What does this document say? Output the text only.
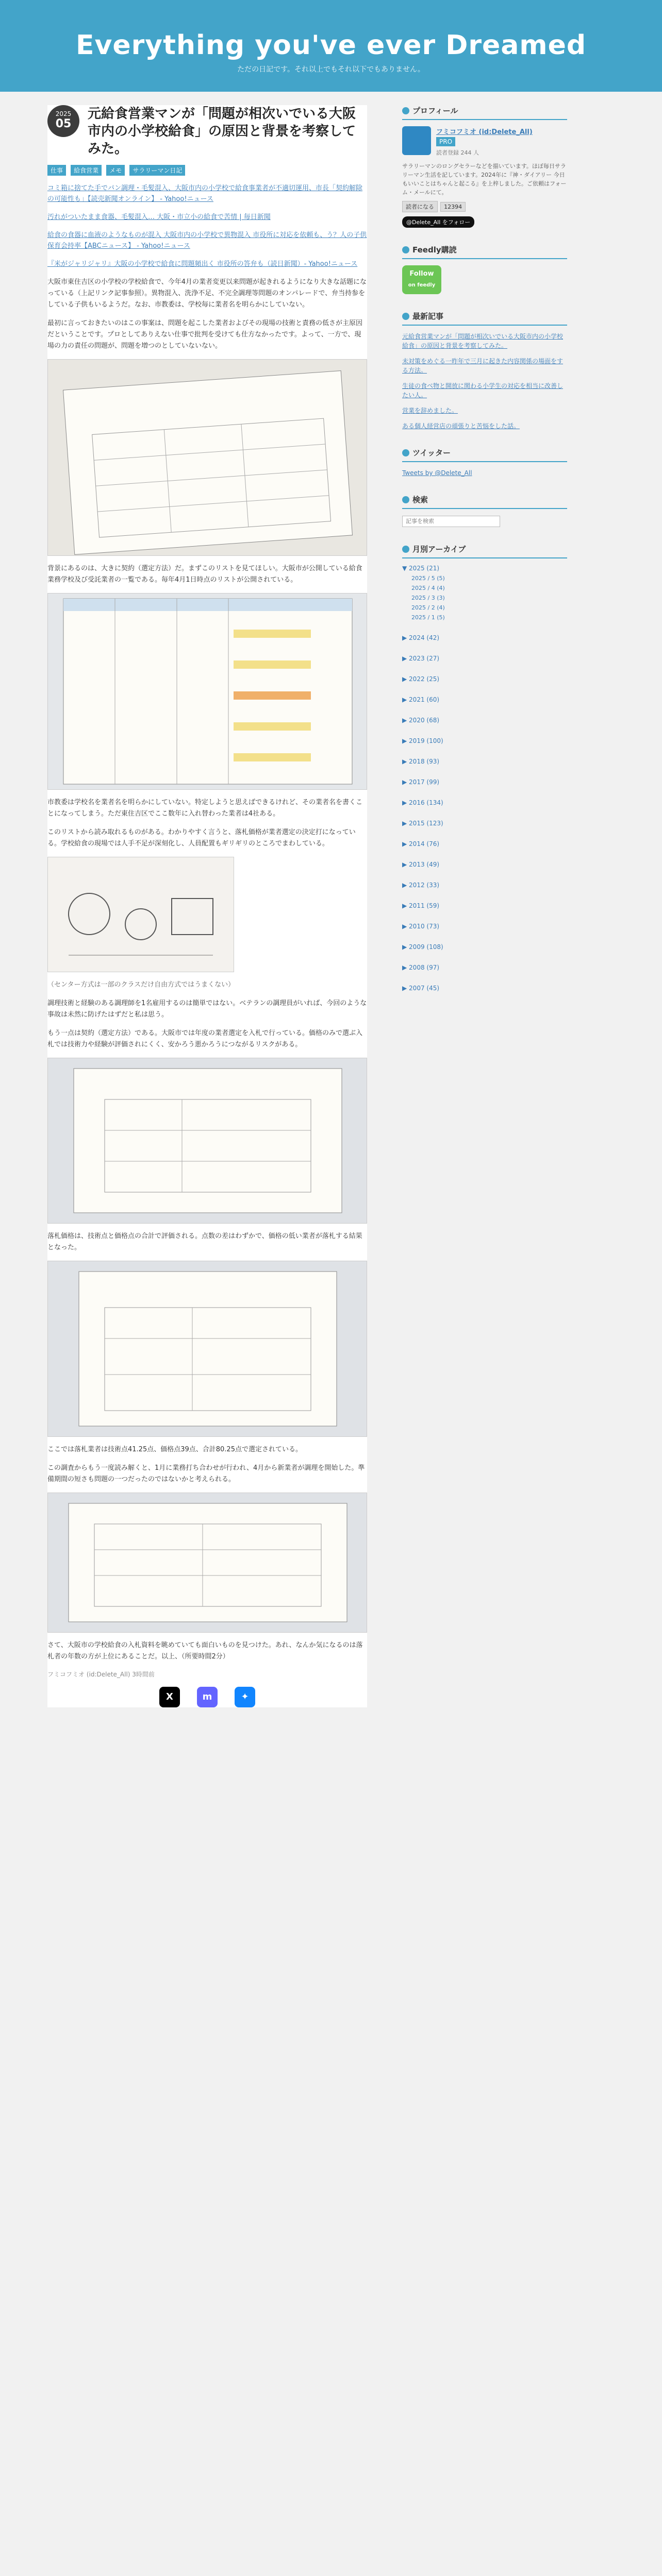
Everything you've ever Dreamed
ただの日記です。それ以上でもそれ以下でもありません。
2025
05
元給食営業マンが「問題が相次いでいる大阪市内の小学校給食」の原因と背景を考察してみた。
仕事 給食営業 メモ サラリーマン日記

コミ箱に捨てた手でパン調理・毛髪混入、大阪市内の小学校で給食事業者が不適切運用、市長「契約解除の可能性も」【読売新聞オンライン】 - Yahoo!ニュース

汚れがついたまま食器、毛髪混入… 大阪・市立小の給食で苦情 | 毎日新聞

給食の食器に血液のようなものが混入 大阪市内の小学校で異物混入 市役所に対応を依頼も、う？人の子供保育会持率【ABCニュース】 - Yahoo!ニュース

『米がジャリジャリ』大阪の小学校で給食に問題頻出く 市役所の答弁も（読日新聞）- Yahoo!ニュース

大阪市東住吉区の小学校の学校給食で、今年4月の業者変更以来問題が起きれるようになり大きな話題になっている（上記リンク記事参照）。異物混入、洗浄不足、不完全調理等問題のオンパレードで、弁当持参をしている子供もいるようだ。なお、市教委は、学校毎に業者名を明らかにしていない。

最初に言っておきたいのはこの事案は、問題を起こした業者およびその現場の技術と責務の低さが主原因だということです。プロとしてありえない仕事で批判を受けても仕方なかったです。よって、一方で、現場の力の責任の問題が、問題を増つのとしていないない。

背景にあるのは、大きに契約（選定方法）だ。まずこのリストを見てほしい。大阪市が公開している給食業務学校及び受託業者の一覧である。毎年4月1日時点のリストが公開されている。

市教委は学校名を業者名を明らかにしていない。特定しようと思えばできるけれど、その業者名を書くことになってしまう。ただ東住吉区でここ数年に入れ替わった業者は4社ある。

このリストから読み取れるものがある。わかりやすく言うと、落札価格が業者選定の決定打になっている。学校給食の現場では人手不足が深刻化し、人員配置もギリギリのところでまわしている。

（センター方式は一部のクラスだけ自由方式ではうまくない）

調理技術と経験のある調理師を1名雇用するのは簡単ではない。ベテランの調理員がいれば、今回のような事故は未然に防げたはずだと私は思う。

もう一点は契約（選定方法）である。大阪市では年度の業者選定を入札で行っている。価格のみで選ぶ入札では技術力や経験が評価されにくく、安かろう悪かろうにつながるリスクがある。

落札価格は、技術点と価格点の合計で評価される。点数の差はわずかで、価格の低い業者が落札する結果となった。

ここでは落札業者は技術点41.25点、価格点39点、合計80.25点で選定されている。

この調査からもう一度読み解くと、1月に業務打ち合わせが行われ、4月から新業者が調理を開始した。準備期間の短さも問題の一つだったのではないかと考えられる。

さて、大阪市の学校給食の入札資料を眺めていても面白いものを見つけた。あれ、なんか気になるのは落札者の年数の方が上位にあることだ。以上、（所要時間2分）

フミコフミオ (id:Delete_All) 3時間前
X	m	✦
プロフィール
フミコフミオ (id:Delete_All)
PRO
読者登録 244 人
サラリーマンのロングセラーなどを描いています。ほぼ毎日サラリーマン生活を記しています。2024年に『神・ダイアリー 今日もいいことはちゃんと起こる』を上梓しました。ご依頼はフォーム・メールにて。
読者になる 12394
@Delete_All をフォロー
Feedly購読
Follow
on feedly
最新記事
元給食営業マンが「問題が相次いでいる大阪市内の小学校給食」の原因と背景を考察してみた。
未対策をめぐる一昨年で三月に起きた内容関係の場面をする方法。
生徒の食べ物と開放に関わる小学生の対応を相当に改善したい人。
営業を辞めました。
ある個人経営店の頑張りと苦悩をした話。
ツイッター
Tweets by @Delete_All
検索
記事を検索
月別アーカイブ
▼ 2025 (21)
2025 / 5 (5)
2025 / 4 (4)
2025 / 3 (3)
2025 / 2 (4)
2025 / 1 (5)
▶ 2024 (42)
▶ 2023 (27)
▶ 2022 (25)
▶ 2021 (60)
▶ 2020 (68)
▶ 2019 (100)
▶ 2018 (93)
▶ 2017 (99)
▶ 2016 (134)
▶ 2015 (123)
▶ 2014 (76)
▶ 2013 (49)
▶ 2012 (33)
▶ 2011 (59)
▶ 2010 (73)
▶ 2009 (108)
▶ 2008 (97)
▶ 2007 (45)
